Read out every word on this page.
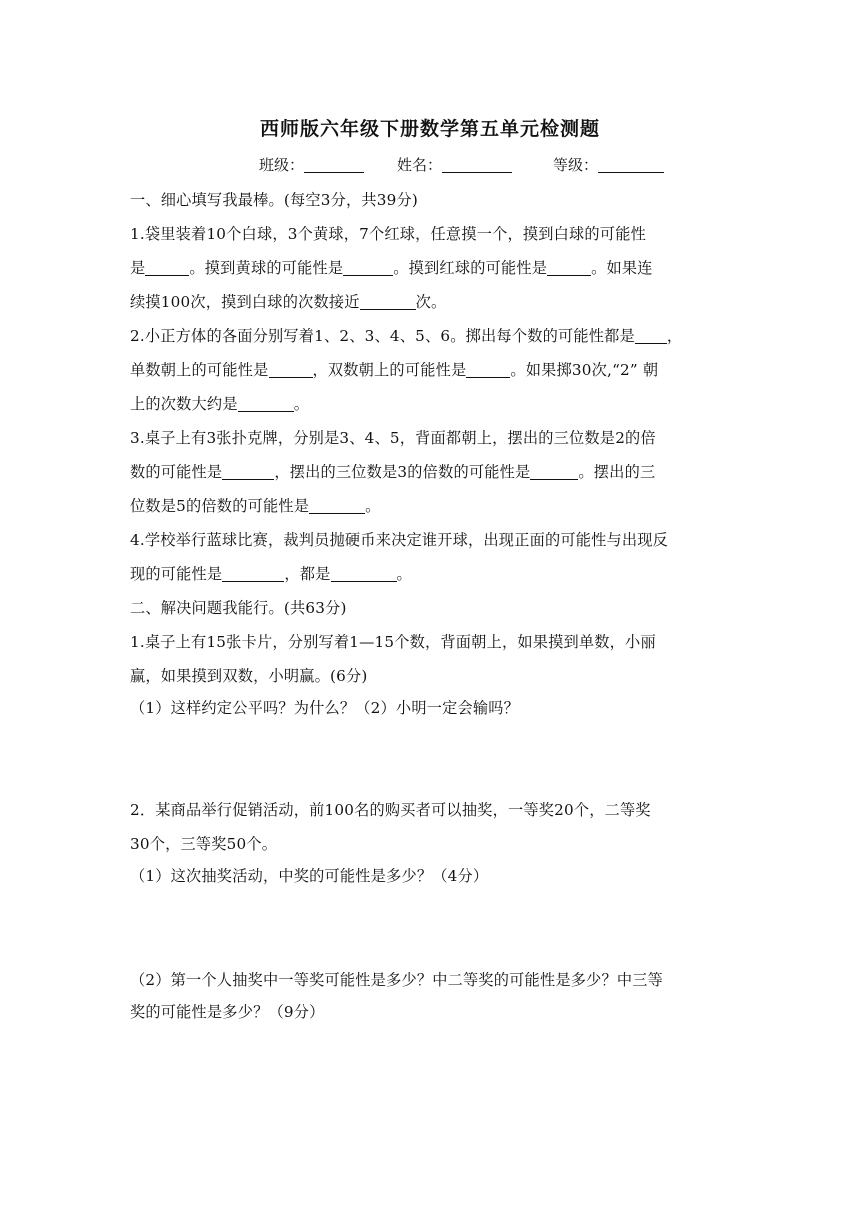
西师版六年级下册数学第五单元检测题
班级：	姓名：	等级：
一、细心填写我最棒。(每空3分，共39分)
1.袋里装着10个白球，3个黄球，7个红球，任意摸一个，摸到白球的可能性
是	。摸到黄球的可能性是	。摸到红球的可能性是	。如果连
续摸100次，摸到白球的次数接近	次。
2.小正方体的各面分别写着1、2、3、4、5、6。掷出每个数的可能性都是 ，
单数朝上的可能性是	，双数朝上的可能性是	。如果掷30次,“2” 朝
上的次数大约是	。
3.桌子上有3张扑克牌，分别是3、4、5，背面都朝上，摆出的三位数是2的倍
数的可能性是	，摆出的三位数是3的倍数的可能性是	。摆出的三
位数是5的倍数的可能性是	。
4.学校举行蓝球比赛，裁判员抛硬币来决定谁开球，出现正面的可能性与出现反
现的可能性是	，都是	。
二、解决问题我能行。(共63分)
1.桌子上有15张卡片，分别写着1—15个数，背面朝上，如果摸到单数，小丽
赢，如果摸到双数，小明赢。(6分)
（1）这样约定公平吗？为什么？（2）小明一定会输吗？
2．某商品举行促销活动，前100名的购买者可以抽奖，一等奖20个，二等奖
30个，三等奖50个。
（1）这次抽奖活动，中奖的可能性是多少？（4分）
（2）第一个人抽奖中一等奖可能性是多少？中二等奖的可能性是多少？中三等
奖的可能性是多少？（9分）
